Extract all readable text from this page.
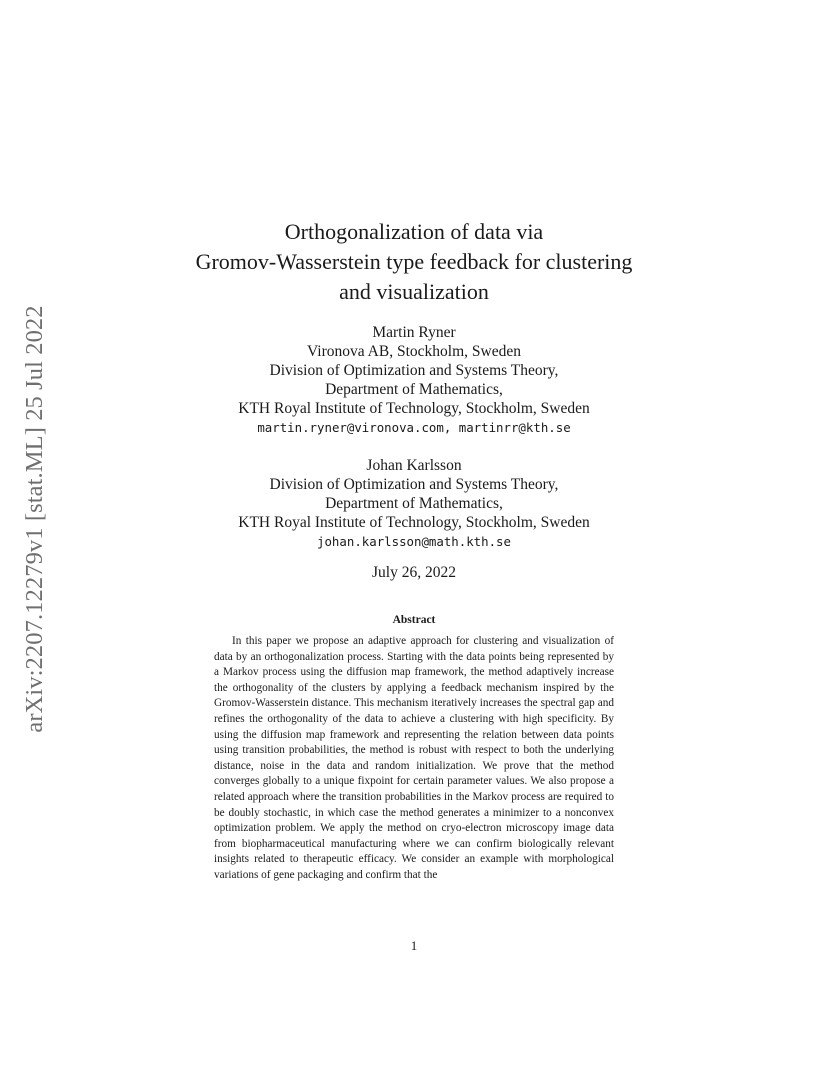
arXiv:2207.12279v1 [stat.ML] 25 Jul 2022
Orthogonalization of data via
Gromov-Wasserstein type feedback for clustering
and visualization
Martin Ryner
Vironova AB, Stockholm, Sweden
Division of Optimization and Systems Theory,
Department of Mathematics,
KTH Royal Institute of Technology, Stockholm, Sweden
martin.ryner@vironova.com, martinrr@kth.se
Johan Karlsson
Division of Optimization and Systems Theory,
Department of Mathematics,
KTH Royal Institute of Technology, Stockholm, Sweden
johan.karlsson@math.kth.se
July 26, 2022
Abstract
In this paper we propose an adaptive approach for clustering and visualization of data by an orthogonalization process. Starting with the data points being represented by a Markov process using the diffusion map framework, the method adaptively increase the orthogonality of the clusters by applying a feedback mechanism inspired by the Gromov-Wasserstein distance. This mechanism iteratively increases the spectral gap and refines the orthogonality of the data to achieve a clustering with high specificity. By using the diffusion map framework and representing the relation between data points using transition probabilities, the method is robust with respect to both the underlying distance, noise in the data and random initialization. We prove that the method converges globally to a unique fixpoint for certain parameter values. We also propose a related approach where the transition probabilities in the Markov process are required to be doubly stochastic, in which case the method generates a minimizer to a nonconvex optimization problem. We apply the method on cryo-electron microscopy image data from biopharmaceutical manufacturing where we can confirm biologically relevant insights related to therapeutic efficacy. We consider an example with morphological variations of gene packaging and confirm that the
1
